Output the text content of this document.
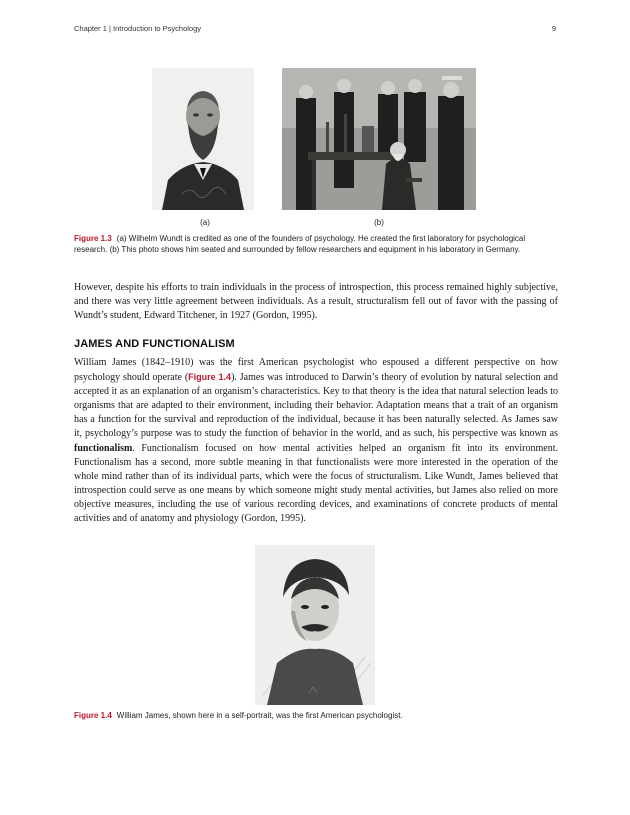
Chapter 1 | Introduction to Psychology	9
(a)	(b)
Figure 1.3 (a) Wilhelm Wundt is credited as one of the founders of psychology. He created the first laboratory for psychological research. (b) This photo shows him seated and surrounded by fellow researchers and equipment in his laboratory in Germany.
However, despite his efforts to train individuals in the process of introspection, this process remained highly subjective, and there was very little agreement between individuals. As a result, structuralism fell out of favor with the passing of Wundt’s student, Edward Titchener, in 1927 (Gordon, 1995).
JAMES AND FUNCTIONALISM
William James (1842–1910) was the first American psychologist who espoused a different perspective on how psychology should operate (Figure 1.4). James was introduced to Darwin’s theory of evolution by natural selection and accepted it as an explanation of an organism’s characteristics. Key to that theory is the idea that natural selection leads to organisms that are adapted to their environment, including their behavior. Adaptation means that a trait of an organism has a function for the survival and reproduction of the individual, because it has been naturally selected. As James saw it, psychology’s purpose was to study the function of behavior in the world, and as such, his perspective was known as functionalism. Functionalism focused on how mental activities helped an organism fit into its environment. Functionalism has a second, more subtle meaning in that functionalists were more interested in the operation of the whole mind rather than of its individual parts, which were the focus of structuralism. Like Wundt, James believed that introspection could serve as one means by which someone might study mental activities, but James also relied on more objective measures, including the use of various recording devices, and examinations of concrete products of mental activities and of anatomy and physiology (Gordon, 1995).
Figure 1.4 William James, shown here in a self-portrait, was the first American psychologist.
